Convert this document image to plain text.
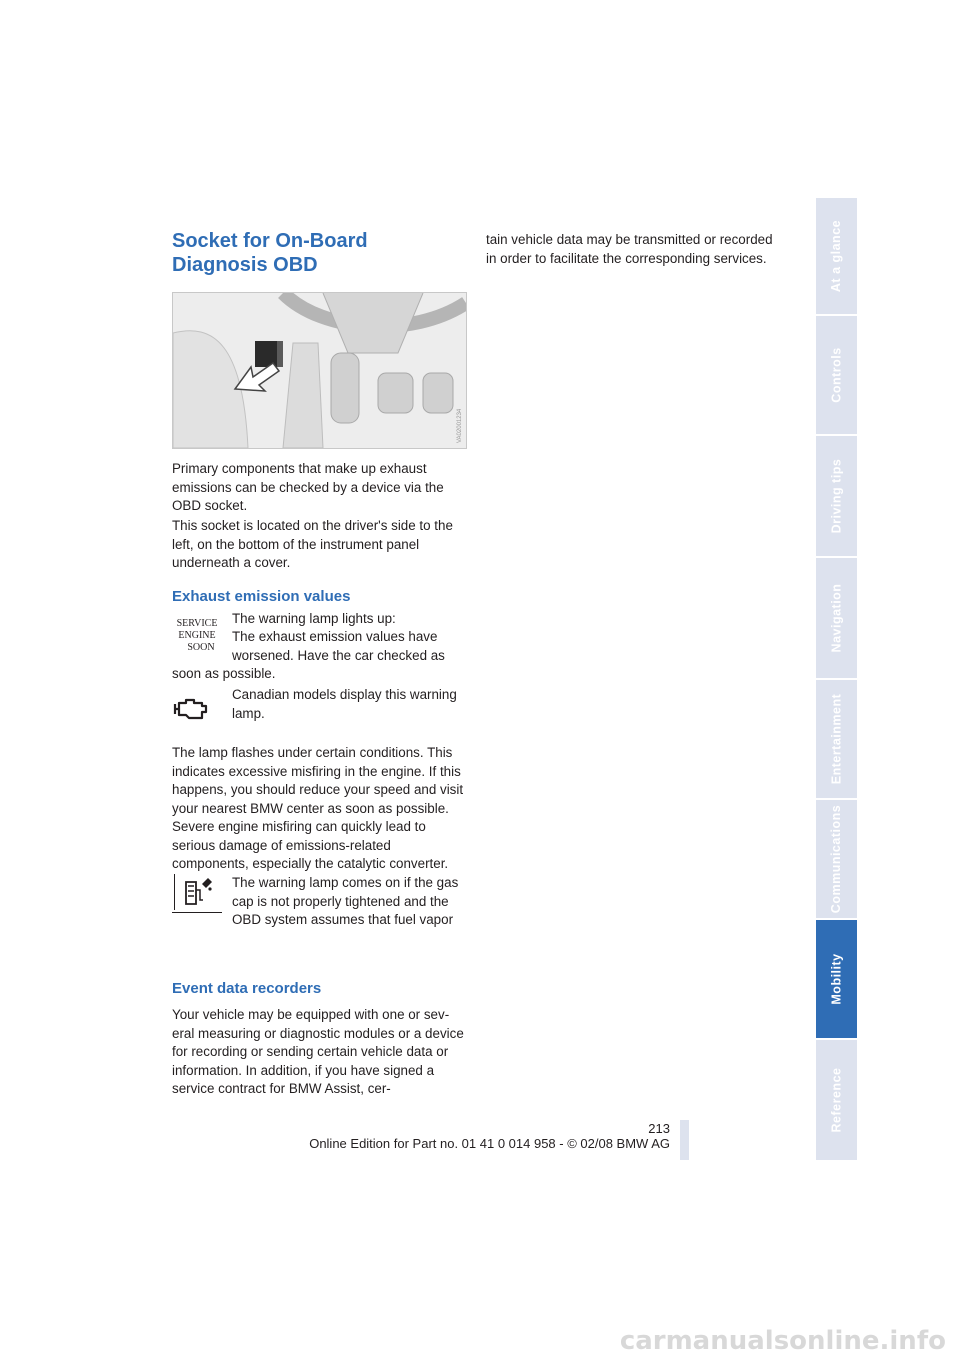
Socket for On-Board
Diagnosis OBD
VA02001234
Primary components that make up exhaust emissions can be checked by a device via the OBD socket.
This socket is located on the driver's side to the left, on the bottom of the instrument panel underneath a cover.
Exhaust emission values
SERVICE
ENGINE
SOON
The warning lamp lights up:
The exhaust emission values have worsened. Have the car checked as
soon as possible.
Canadian models display this warning lamp.
The lamp flashes under certain conditions. This indicates excessive misfiring in the engine. If this happens, you should reduce your speed and visit your nearest BMW center as soon as possible. Severe engine misfiring can quickly lead to serious damage of emissions-related components, especially the catalytic converter.
The warning lamp comes on if the gas cap is not properly tightened and the OBD system assumes that fuel vapor
Event data recorders
Your vehicle may be equipped with one or sev-eral measuring or diagnostic modules or a device for recording or sending certain vehicle data or information. In addition, if you have signed a service contract for BMW Assist, cer-
tain vehicle data may be transmitted or recorded in order to facilitate the corresponding services.	At a glance
Controls
Driving tips
Navigation
Entertainment
Communications
Mobility
Reference
213
Online Edition for Part no. 01 41 0 014 958 - © 02/08 BMW AG
carmanualsonline.info
